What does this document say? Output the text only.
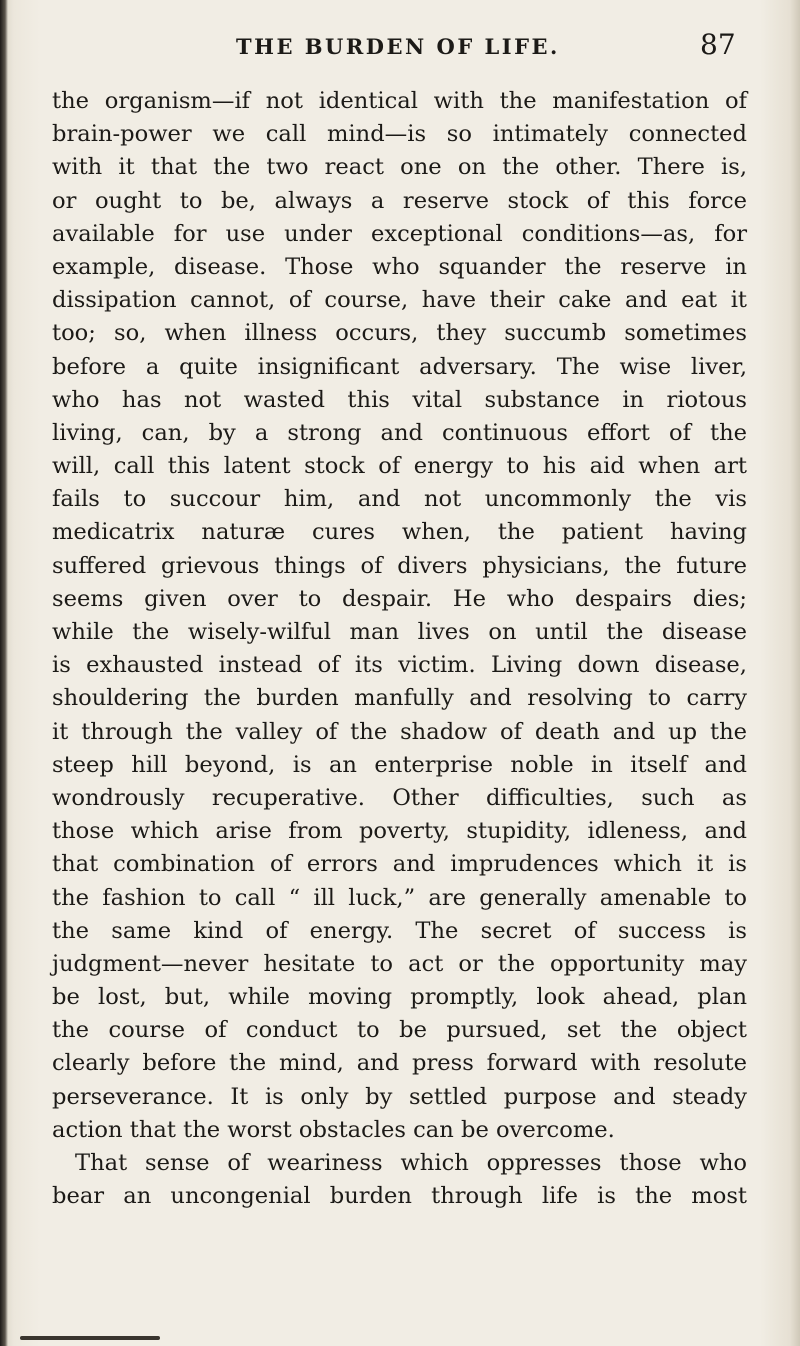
THE BURDEN OF LIFE.	87
the organism—if not identical with the manifestation of
brain-power we call mind—is so intimately connected
with it that the two react one on the other. There is,
or ought to be, always a reserve stock of this force
available for use under exceptional conditions—as, for
example, disease. Those who squander the reserve in
dissipation cannot, of course, have their cake and eat it
too; so, when illness occurs, they succumb sometimes
before a quite insignificant adversary. The wise liver,
who has not wasted this vital substance in riotous
living, can, by a strong and continuous effort of the
will, call this latent stock of energy to his aid when art
fails to succour him, and not uncommonly the vis
medicatrix naturæ cures when, the patient having
suffered grievous things of divers physicians, the future
seems given over to despair. He who despairs dies;
while the wisely-wilful man lives on until the disease
is exhausted instead of its victim. Living down disease,
shouldering the burden manfully and resolving to carry
it through the valley of the shadow of death and up the
steep hill beyond, is an enterprise noble in itself and
wondrously recuperative. Other difficulties, such as
those which arise from poverty, stupidity, idleness, and
that combination of errors and imprudences which it is
the fashion to call “ ill luck,” are generally amenable to
the same kind of energy. The secret of success is
judgment—never hesitate to act or the opportunity may
be lost, but, while moving promptly, look ahead, plan
the course of conduct to be pursued, set the object
clearly before the mind, and press forward with resolute
perseverance. It is only by settled purpose and steady
action that the worst obstacles can be overcome.
That sense of weariness which oppresses those who
bear an uncongenial burden through life is the most
